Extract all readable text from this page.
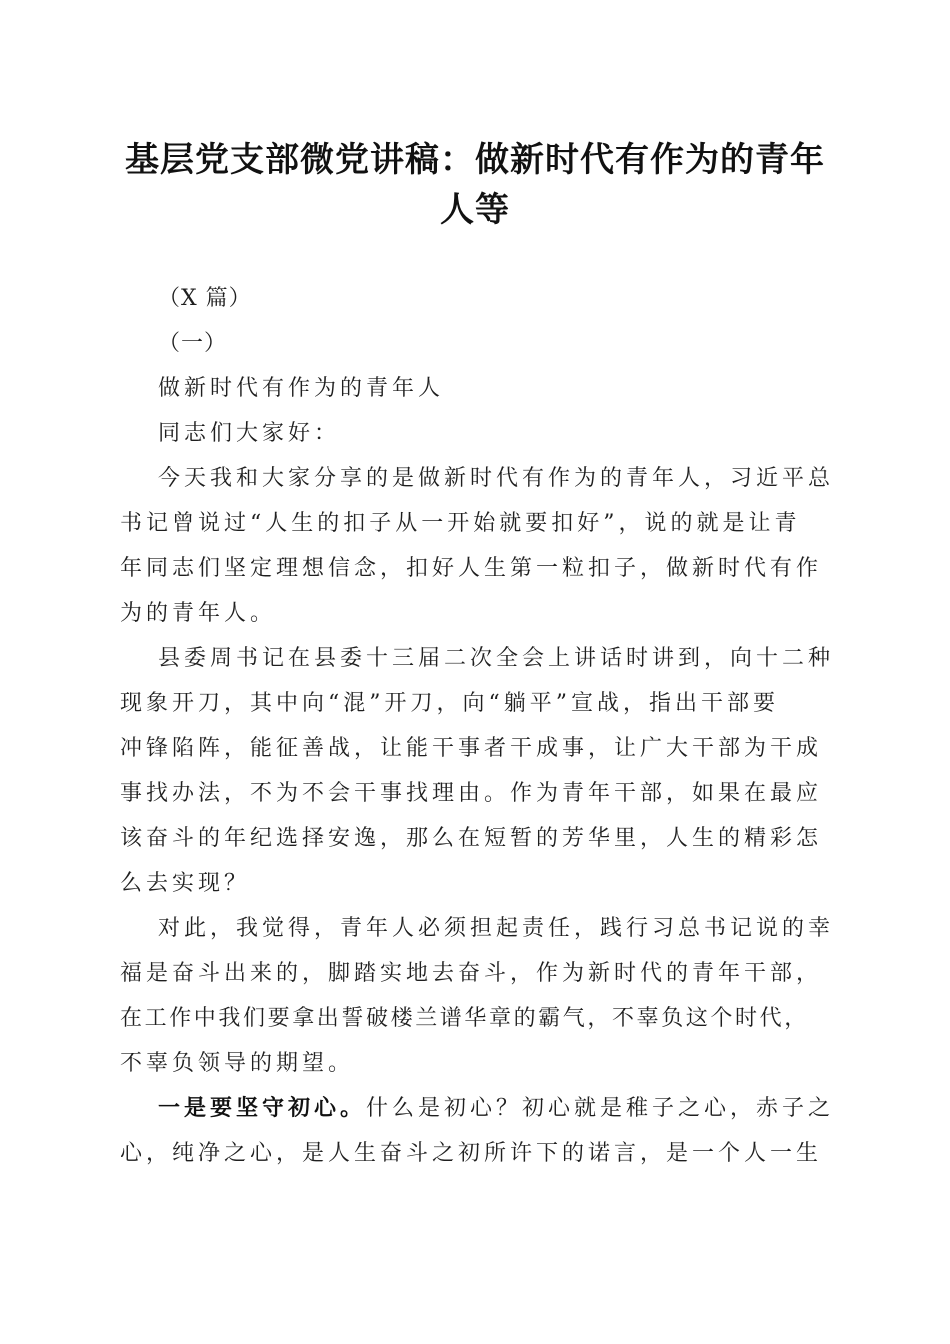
基层党支部微党讲稿：做新时代有作为的青年
人等
（X 篇）
（一）
做新时代有作为的青年人
同志们大家好：
今天我和大家分享的是做新时代有作为的青年人，习近平总
书记曾说过“人生的扣子从一开始就要扣好”，说的就是让青
年同志们坚定理想信念，扣好人生第一粒扣子，做新时代有作
为的青年人。
县委周书记在县委十三届二次全会上讲话时讲到，向十二种
现象开刀，其中向“混”开刀，向“躺平”宣战，指出干部要
冲锋陷阵，能征善战，让能干事者干成事，让广大干部为干成
事找办法，不为不会干事找理由。作为青年干部，如果在最应
该奋斗的年纪选择安逸，那么在短暂的芳华里，人生的精彩怎
么去实现？
对此，我觉得，青年人必须担起责任，践行习总书记说的幸
福是奋斗出来的，脚踏实地去奋斗，作为新时代的青年干部，
在工作中我们要拿出誓破楼兰谱华章的霸气，不辜负这个时代，
不辜负领导的期望。
一是要坚守初心。什么是初心？初心就是稚子之心，赤子之
心，纯净之心，是人生奋斗之初所许下的诺言，是一个人一生
